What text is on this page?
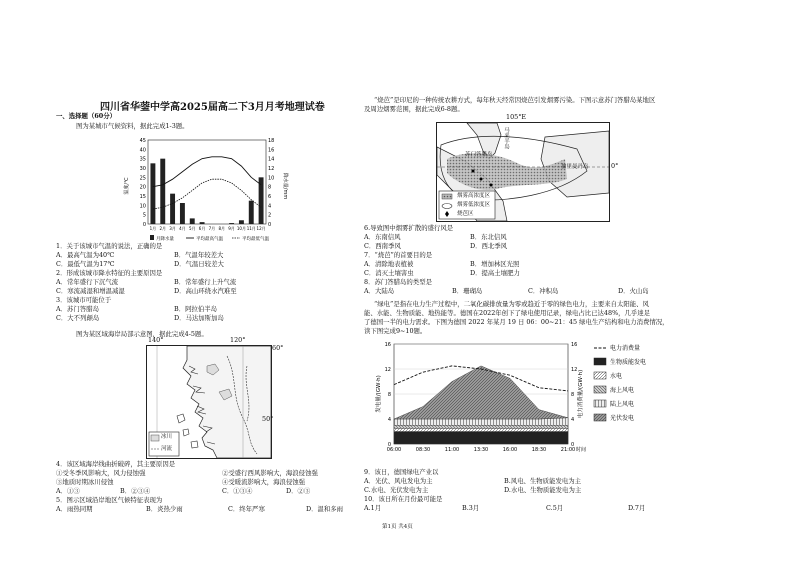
四川省华蓥中学高2025届高二下3月月考地理试卷
一、选择题（60分）
图为某城市气候资料，据此完成1-3题。
45
40
35
30
25
20
15
10
5
0
18
16
14
12
10
8
6
4
2
0
温度/℃	降水量/mm
1月 2月 3月 4月 5月 6月 7月 8月 9月 10月 11月 12月
月降水量	平均最高气温	平均最低气温
1．关于该城市气温的说法，正确的是
A．最高气温为40℃	B．气温年较差大
C．最低气温为17℃	D．气温日较差大
2．形成该城市降水特征的主要原因是
A．常年盛行下沉气流	B．常年盛行上升气流
C．寒流减湿和增温减湿	D．高山环绕水汽难至
3．该城市可能位于
A．苏门答腊岛	B．阿拉伯半岛
C．大不列颠岛	D．马达加斯加岛
图为某区域海岸局部示意图，据此完成4-5题。
冰川
河流
140°	120°
60°
50°
4．该区域海岸线曲折破碎，其主要原因是
①受冬季风影响大，风力侵蚀强	②受盛行西风影响大，海浪侵蚀强
③地质时期冰川侵蚀	④受暖流影响大，海浪侵蚀强
A．①③	B．②③④	C．①③④	D．②③
5．图示区域沿岸地区气候特征表现为
A．雨热同期	B．炎热少雨	C．终年严寒	D．温和多雨
“烧芭”是印尼的一种传统农耕方式，每年秋天经常因烧芭引发烟雾污染。下图示意苏门答腊岛某地区
及周边烟雾范围，据此完成6-8题。
105°E
马来半岛
苏门答腊岛
加里曼丹岛
烟雾高浓度区
烟雾低浓度区
烧芭区
0°
6.导致图中烟雾扩散的盛行风是
A．东南信风	B．东北信风
C．西南季风	D．西北季风
7．“烧芭”的首要目的是
A．清除地表植被	B．增加林区光照
C．消灭土壤害虫	D．提高土壤肥力
8．苏门答腊岛的类型是
A．大陆岛	B．珊瑚岛	C．冲积岛	D．火山岛
“绿电”是指在电力生产过程中，二氧化碳排放量为零或趋近于零的绿色电力，主要来自太阳能、风
能、水能、生物质能、地热能等。德国在2022年创下了绿电使用记录，绿电占比已达48%，几乎達足
了德国一半的电力需求。下图为德国 2022 年某月 19 日 06：00~21：45 绿电生产结构和电力消费情况，
读下图完成9~10题。
0	0
4	4
8	8
12	12
16	16
06:00	08:30	11:00	13:30	16:00	18:30	21:00 时间
发电量/(GW·h)	电力消费量/(GW·h)
电力消费量
生物质能发电
水电
海上风电
陆上风电
光伏发电
9．该日，德国绿电产业以
A．光伏、风电发电为主	B.风电、生物质能发电为主
C.水电、光伏发电为主	D.水电、生物质能发电为主
10．该日所在月份最可能是
A.1月	B.3月	C.5月	D.7月
第1页 共4页
